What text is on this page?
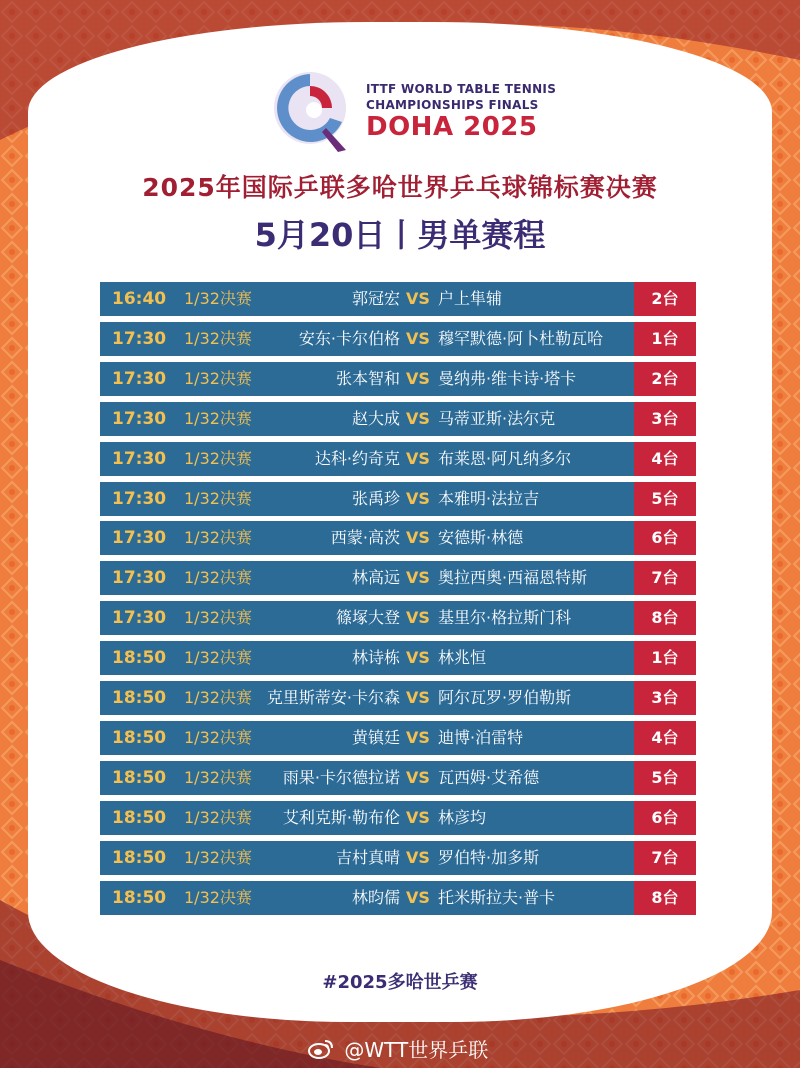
ITTF WORLD TABLE TENNIS
CHAMPIONSHIPS FINALS
DOHA 2025
2025年国际乒联多哈世界乒乓球锦标赛决赛
5月20日丨男单赛程
16:40 1/32决赛	郭冠宏 VS 户上隼辅	2台
17:30 1/32决赛	安东·卡尔伯格 VS 穆罕默德·阿卜杜勒瓦哈	1台
17:30 1/32决赛	张本智和 VS 曼纳弗·维卡诗·塔卡	2台
17:30 1/32决赛	赵大成 VS 马蒂亚斯·法尔克	3台
17:30 1/32决赛	达科·约奇克 VS 布莱恩·阿凡纳多尔	4台
17:30 1/32决赛	张禹珍 VS 本雅明·法拉吉	5台
17:30 1/32决赛	西蒙·高茨 VS 安德斯·林德	6台
17:30 1/32决赛	林高远 VS 奥拉西奥·西福恩特斯	7台
17:30 1/32决赛	篠塚大登 VS 基里尔·格拉斯门科	8台
18:50 1/32决赛	林诗栋 VS 林兆恒	1台
18:50 1/32决赛 克里斯蒂安·卡尔森 VS 阿尔瓦罗·罗伯勒斯	3台
18:50 1/32决赛	黄镇廷 VS 迪博·泊雷特	4台
18:50 1/32决赛 雨果·卡尔德拉诺 VS 瓦西姆·艾希德	5台
18:50 1/32决赛 艾利克斯·勒布伦 VS 林彦均	6台
18:50 1/32决赛	吉村真晴 VS 罗伯特·加多斯	7台
18:50 1/32决赛	林昀儒 VS 托米斯拉夫·普卡	8台
#2025多哈世乒赛
@WTT世界乒联
